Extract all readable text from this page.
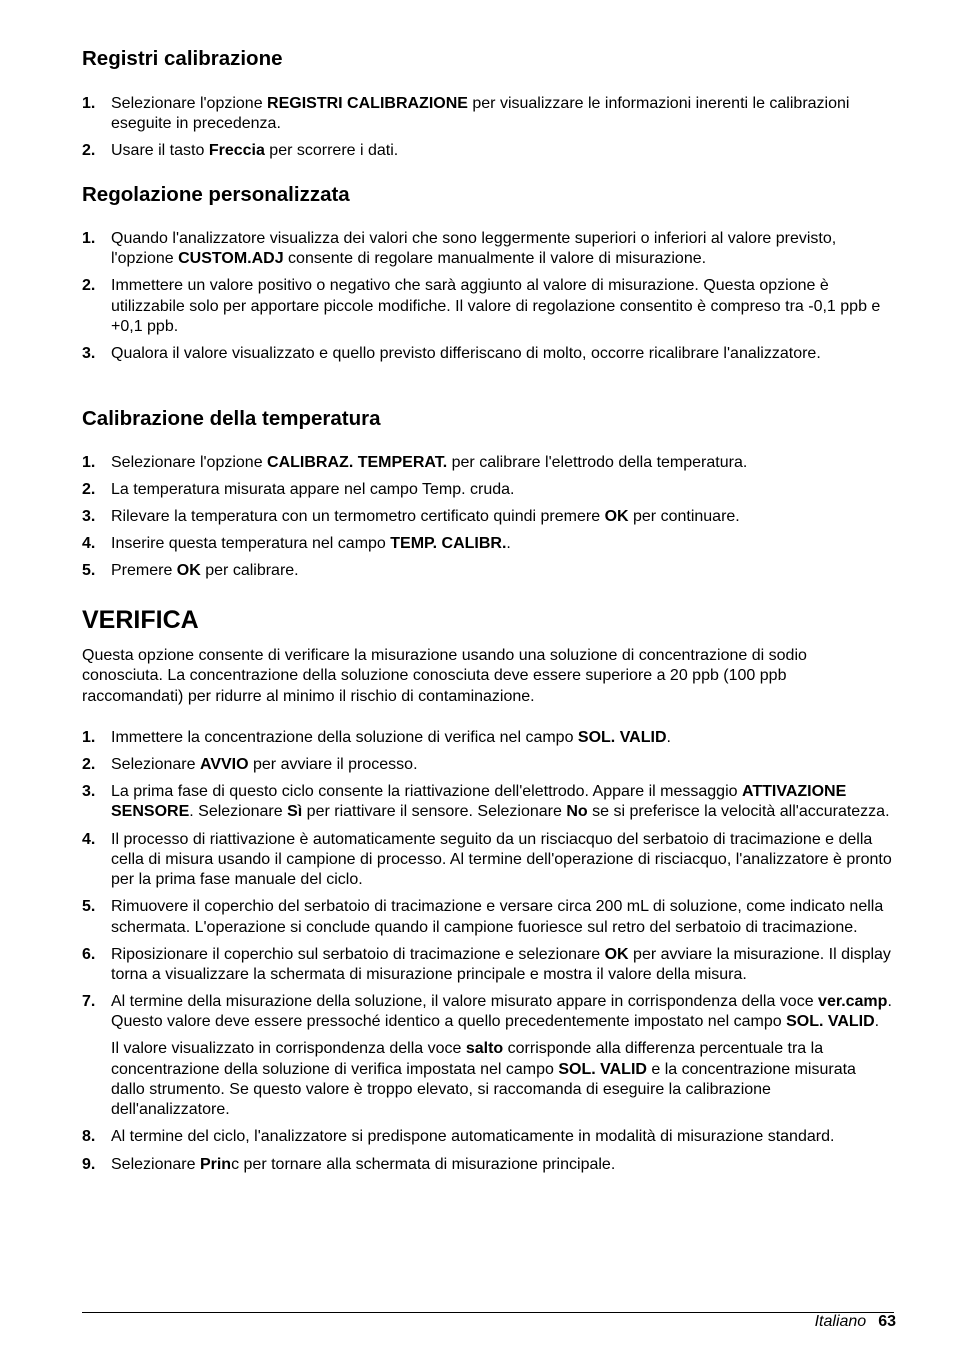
Registri calibrazione
1. Selezionare l'opzione REGISTRI CALIBRAZIONE per visualizzare le informazioni inerenti le calibrazioni eseguite in precedenza.

2. Usare il tasto Freccia per scorrere i dati.

Regolazione personalizzata
1. Quando l'analizzatore visualizza dei valori che sono leggermente superiori o inferiori al valore previsto, l'opzione CUSTOM.ADJ consente di regolare manualmente il valore di misurazione.

2. Immettere un valore positivo o negativo che sarà aggiunto al valore di misurazione. Questa opzione è utilizzabile solo per apportare piccole modifiche. Il valore di regolazione consentito è compreso tra -0,1 ppb e +0,1 ppb.

3. Qualora il valore visualizzato e quello previsto differiscano di molto, occorre ricalibrare l'analizzatore.

Calibrazione della temperatura
1. Selezionare l'opzione CALIBRAZ. TEMPERAT. per calibrare l'elettrodo della temperatura.

2. La temperatura misurata appare nel campo Temp. cruda.

3. Rilevare la temperatura con un termometro certificato quindi premere OK per continuare.

4. Inserire questa temperatura nel campo TEMP. CALIBR..

5. Premere OK per calibrare.

VERIFICA

Questa opzione consente di verificare la misurazione usando una soluzione di concentrazione di sodio conosciuta. La concentrazione della soluzione conosciuta deve essere superiore a 20 ppb (100 ppb raccomandati) per ridurre al minimo il rischio di contaminazione.

1. Immettere la concentrazione della soluzione di verifica nel campo SOL. VALID.

2. Selezionare AVVIO per avviare il processo.

3. La prima fase di questo ciclo consente la riattivazione dell'elettrodo. Appare il messaggio ATTIVAZIONE SENSORE. Selezionare Sì per riattivare il sensore. Selezionare No se si preferisce la velocità all'accuratezza.

4. Il processo di riattivazione è automaticamente seguito da un risciacquo del serbatoio di tracimazione e della cella di misura usando il campione di processo. Al termine dell'operazione di risciacquo, l'analizzatore è pronto per la prima fase manuale del ciclo.

5. Rimuovere il coperchio del serbatoio di tracimazione e versare circa 200 mL di soluzione, come indicato nella schermata. L'operazione si conclude quando il campione fuoriesce sul retro del serbatoio di tracimazione.

6. Riposizionare il coperchio sul serbatoio di tracimazione e selezionare OK per avviare la misurazione. Il display torna a visualizzare la schermata di misurazione principale e mostra il valore della misura.

7. Al termine della misurazione della soluzione, il valore misurato appare in corrispondenza della voce ver.camp. Questo valore deve essere pressoché identico a quello precedentemente impostato nel campo SOL. VALID.

Il valore visualizzato in corrispondenza della voce salto corrisponde alla differenza percentuale tra la concentrazione della soluzione di verifica impostata nel campo SOL. VALID e la concentrazione misurata dallo strumento. Se questo valore è troppo elevato, si raccomanda di eseguire la calibrazione dell'analizzatore.

8. Al termine del ciclo, l'analizzatore si predispone automaticamente in modalità di misurazione standard.

9. Selezionare Princ per tornare alla schermata di misurazione principale.

Italiano 63
